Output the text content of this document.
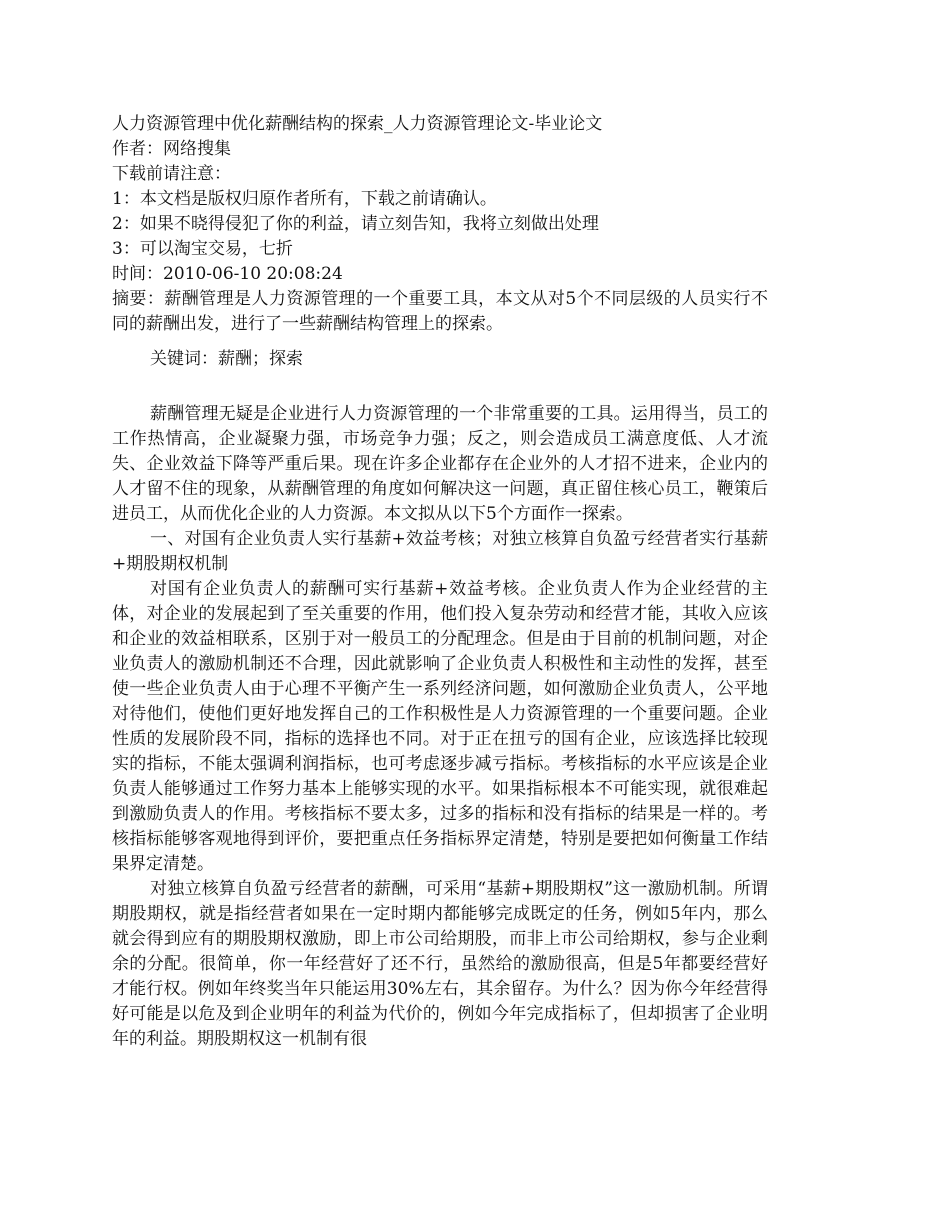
人力资源管理中优化薪酬结构的探索_人力资源管理论文-毕业论文

作者：网络搜集

下载前请注意：

1：本文档是版权归原作者所有，下载之前请确认。

2：如果不晓得侵犯了你的利益，请立刻告知，我将立刻做出处理

3：可以淘宝交易，七折

时间：2010-06-10 20:08:24

摘要：薪酬管理是人力资源管理的一个重要工具，本文从对5个不同层级的人员实行不同的薪酬出发，进行了一些薪酬结构管理上的探索。

关键词：薪酬；探索

薪酬管理无疑是企业进行人力资源管理的一个非常重要的工具。运用得当，员工的工作热情高，企业凝聚力强，市场竞争力强；反之，则会造成员工满意度低、人才流失、企业效益下降等严重后果。现在许多企业都存在企业外的人才招不进来，企业内的人才留不住的现象，从薪酬管理的角度如何解决这一问题，真正留住核心员工，鞭策后进员工，从而优化企业的人力资源。本文拟从以下5个方面作一探索。

一、对国有企业负责人实行基薪+效益考核；对独立核算自负盈亏经营者实行基薪+期股期权机制

对国有企业负责人的薪酬可实行基薪+效益考核。企业负责人作为企业经营的主体，对企业的发展起到了至关重要的作用，他们投入复杂劳动和经营才能，其收入应该和企业的效益相联系，区别于对一般员工的分配理念。但是由于目前的机制问题，对企业负责人的激励机制还不合理，因此就影响了企业负责人积极性和主动性的发挥，甚至使一些企业负责人由于心理不平衡产生一系列经济问题，如何激励企业负责人，公平地对待他们，使他们更好地发挥自己的工作积极性是人力资源管理的一个重要问题。企业性质的发展阶段不同，指标的选择也不同。对于正在扭亏的国有企业，应该选择比较现实的指标，不能太强调利润指标，也可考虑逐步减亏指标。考核指标的水平应该是企业负责人能够通过工作努力基本上能够实现的水平。如果指标根本不可能实现，就很难起到激励负责人的作用。考核指标不要太多，过多的指标和没有指标的结果是一样的。考核指标能够客观地得到评价，要把重点任务指标界定清楚，特别是要把如何衡量工作结果界定清楚。

对独立核算自负盈亏经营者的薪酬，可采用“基薪+期股期权”这一激励机制。所谓期股期权，就是指经营者如果在一定时期内都能够完成既定的任务，例如5年内，那么就会得到应有的期股期权激励，即上市公司给期股，而非上市公司给期权，参与企业剩余的分配。很简单，你一年经营好了还不行，虽然给的激励很高，但是5年都要经营好才能行权。例如年终奖当年只能运用30%左右，其余留存。为什么？因为你今年经营得好可能是以危及到企业明年的利益为代价的，例如今年完成指标了，但却损害了企业明年的利益。期股期权这一机制有很
